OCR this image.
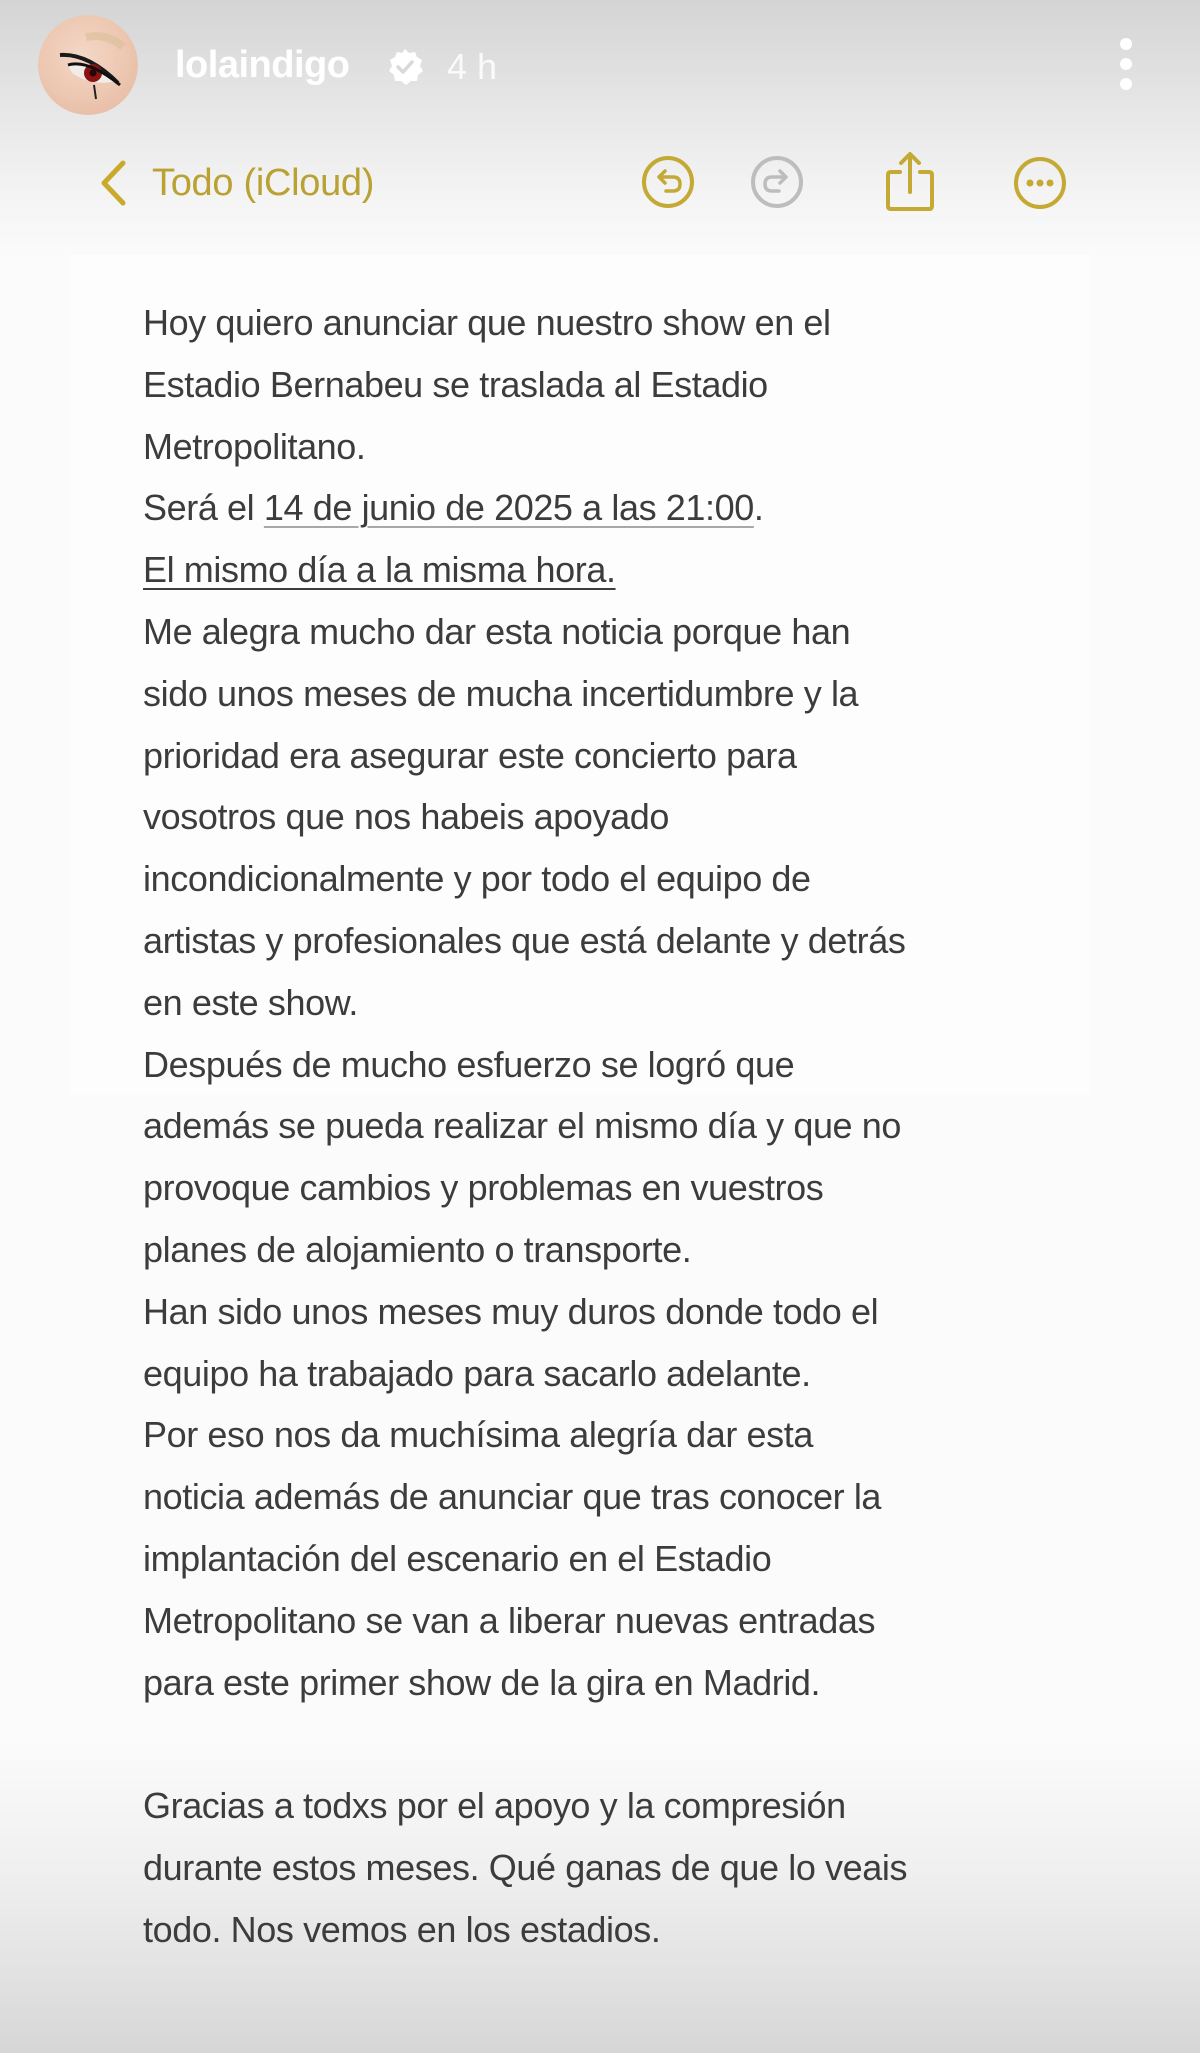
lolaindigo	4 h
Todo (iCloud)
Hoy quiero anunciar que nuestro show en el
Estadio Bernabeu se traslada al Estadio
Metropolitano.
Será el 14 de junio de 2025 a las 21:00.
El mismo día a la misma hora.
Me alegra mucho dar esta noticia porque han
sido unos meses de mucha incertidumbre y la
prioridad era asegurar este concierto para
vosotros que nos habeis apoyado
incondicionalmente y por todo el equipo de
artistas y profesionales que está delante y detrás
en este show.
Después de mucho esfuerzo se logró que
además se pueda realizar el mismo día y que no
provoque cambios y problemas en vuestros
planes de alojamiento o transporte.
Han sido unos meses muy duros donde todo el
equipo ha trabajado para sacarlo adelante.
Por eso nos da muchísima alegría dar esta
noticia además de anunciar que tras conocer la
implantación del escenario en el Estadio
Metropolitano se van a liberar nuevas entradas
para este primer show de la gira en Madrid.
Gracias a todxs por el apoyo y la compresión
durante estos meses. Qué ganas de que lo veais
todo. Nos vemos en los estadios.
